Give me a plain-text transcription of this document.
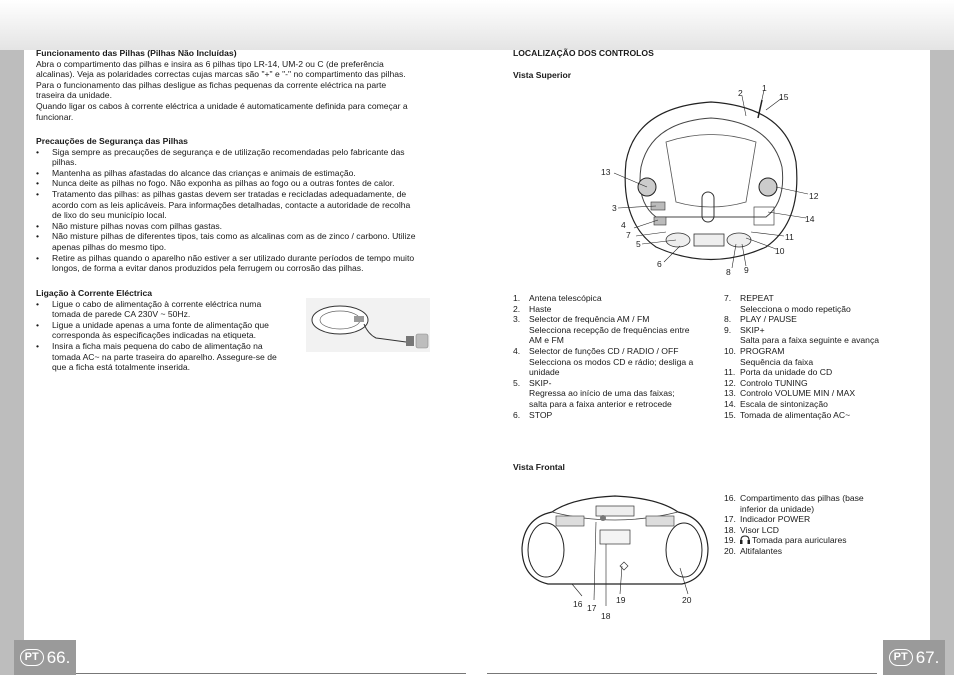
Funcionamento das Pilhas (Pilhas Não Incluídas)

Abra o compartimento das pilhas e insira as 6 pilhas tipo LR-14, UM-2 ou C (de preferência

alcalinas). Veja as polaridades correctas cujas marcas são "+" e "-" no compartimento das pilhas.

Para o funcionamento das pilhas desligue as fichas pequenas da corrente eléctrica na parte

traseira da unidade.

Quando ligar os cabos à corrente eléctrica a unidade é automaticamente definida para começar a

funcionar.

Precauções de Segurança das Pilhas

• Siga sempre as precauções de segurança e de utilização recomendadas pelo fabricante das
pilhas.
• Mantenha as pilhas afastadas do alcance das crianças e animais de estimação.
• Nunca deite as pilhas no fogo. Não exponha as pilhas ao fogo ou a outras fontes de calor.
• Tratamento das pilhas: as pilhas gastas devem ser tratadas e recicladas adequadamente, de
acordo com as leis aplicáveis. Para informações detalhadas, contacte a autoridade de recolha
de lixo do seu município local.
• Não misture pilhas novas com pilhas gastas.
• Não misture pilhas de diferentes tipos, tais como as alcalinas com as de zinco / carbono. Utilize
apenas pilhas do mesmo tipo.
• Retire as pilhas quando o aparelho não estiver a ser utilizado durante períodos de tempo muito
longos, de forma a evitar danos produzidos pela ferrugem ou corrosão das pilhas.

Ligação à Corrente Eléctrica

• Ligue o cabo de alimentação à corrente eléctrica numa
tomada de parede CA 230V ~ 50Hz.
• Ligue a unidade apenas a uma fonte de alimentação que
corresponda às especificações indicadas na etiqueta.
• Insira a ficha mais pequena do cabo de alimentação na
tomada AC~ na parte traseira do aparelho. Assegure-se de
que a ficha está totalmente inserida.
PT 66.

LOCALIZAÇÃO DOS CONTROLOS

Vista Superior

1
2
3
4
5
6
7
8 9
10
11
12
13
14
15
1.	Antena telescópica
2.	Haste
3.	Selector de frequência AM / FM
Selecciona recepção de frequências entre
AM e FM
4.	Selector de funções CD / RADIO / OFF
Selecciona os modos CD e rádio; desliga a
unidade
5.	SKIP-
Regressa ao início de uma das faixas;
salta para a faixa anterior e retrocede
6.	STOP
7.	REPEAT
Selecciona o modo repetição
8.	PLAY / PAUSE
9.	SKIP+
Salta para a faixa seguinte e avança
10. PROGRAM
Sequência da faixa
11. Porta da unidade do CD
12. Controlo TUNING
13. Controlo VOLUME MIN / MAX
14. Escala de sintonização
15. Tomada de alimentação AC~

Vista Frontal

16 17
18
19	20
16. Compartimento das pilhas (base
inferior da unidade)
17. Indicador POWER
18. Visor LCD
19.	Tomada para auriculares
20. Altifalantes
PT 67.
